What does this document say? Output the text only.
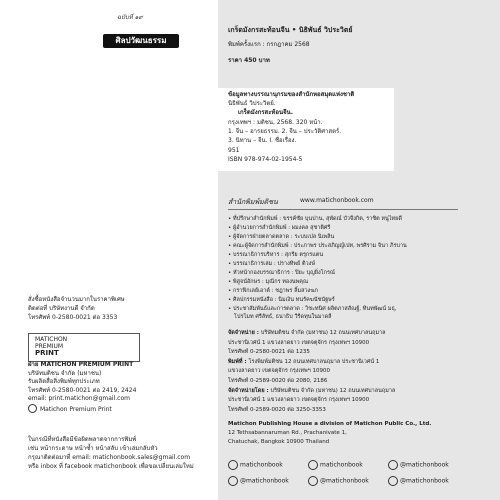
ฉบับที่ ๑๙
ศิลปวัฒนธรรม
สั่งซื้อหนังสือจำนวนมากในราคาพิเศษ
ติดต่อที่ บริษัทงานดี จำกัด
โทรศัพท์ 0-2580-0021 ต่อ 3353
MATICHON
PREMIUM
PRINT
ฝ่าย MATICHON PREMIUM PRINT
บริษัทมติชน จำกัด (มหาชน)
รับผลิตสื่อสิ่งพิมพ์ทุกประเภท
โทรศัพท์ 0-2580-0021 ต่อ 2419, 2424
email: print.matichon@gmail.com
Matichon Premium Print
ในกรณีที่หนังสือมีข้อผิดพลาดจากการพิมพ์
เช่น หน้ากระดาษ หน้าซ้ำ หน้าสลับ เข้าเล่มกลับหัว
กรุณาติดต่อมาที่ email: matichonbook.sales@gmail.com
หรือ inbox ที่ facebook matichonbook เพื่อขอเปลี่ยนเล่มใหม่
เกร็ดมังกรสะท้อนจีน • นิธิพันธ์ วิประวิตย์
พิมพ์ครั้งแรก : กรกฎาคม 2568
ราคา 450 บาท
ข้อมูลทางบรรณานุกรมของสำนักหอสมุดแห่งชาติ
นิธิพันธ์ วิประวิตย์.
เกร็ดมังกรสะท้อนจีน.
กรุงเทพฯ : มติชน, 2568. 320 หน้า.
1. จีน – อารยธรรม. 2. จีน – ประวัติศาสตร์.
3. นิทาน – จีน. I. ชื่อเรื่อง.
951
ISBN 978-974-02-1954-5
สำนักพิมพ์มติชน	www.matichonbook.com
• ที่ปรึกษาสำนักพิมพ์ : ขรรค์ชัย บุนปาน, สุพัดณ์ บัวจึงกิต, ราชิต หนูไทยดี
• ผู้อำนวยการสำนักพิมพ์ : ผมงคล สุชาติศรี
• ผู้จัดการฝ่ายตลาดตลาด : ระบบเปล นิเพลิน
• คณะผู้จัดการสำนักพิมพ์ : ประภาพร ประสภิญญ์เปท, พรศิราม จินา ภิรบาน
• บรรณาธิการบริหาร : สุกรีย ตรุกรแตน
• บรรณาธิการเล่ม : ปรางทิพย์ ติวงษ์
• หัวหน้ากองบรรณาธิการ : ปิยะ บุญยิ่งโกรณ์
• พิสูจน์อักษร : มุณีกร ทองนพคุณ
• กราฟิกเลย์เอาต์ : ชฎาพร ลิ้มสวงฆภ
• ศิลปกรรมหนังสือ : นิมเงิน ทนรัคฆนัชนัฐษร์
• ประชาสัมพันธ์และการตลาด : วิชะทนิศ ผลิตภาสสัณฐ์, ทินทพัฒน์ มธุ,
โปรโมท ศรีลัทธ์, ธนาธิบ วีรีดทุนในมาดลี
จัดจำหน่าย : บริษัทมติชน จำกัด (มหาชน) 12 ถนนเทศบาลนฤมาล
ประชานิเวศน์ 1 แขวงลาดยาว เขตจตุจักร กรุงเทพฯ 10900
โทรศัพท์ 0-2580-0021 ต่อ 1235
พิมพ์ที่ : โรงพิมพ์มติชน 12 ถนนเทศบาลนฤมาล ประชานิเวศน์ 1
แขวงลาดยาว เขตจตุจักร กรุงเทพฯ 10900
โทรศัพท์ 0-2589-0020 ต่อ 2080, 2186
จัดจำหน่ายโดย : บริษัทมติชน จำกัด (มหาชน) 12 ถนนเทศบาลนฤมาล
ประชานิเวศน์ 1 แขวงลาดยาว เขตจตุจักร กรุงเทพฯ 10900
โทรศัพท์ 0-2589-0020 ต่อ 3250-3353
Matichon Publishing House a division of Matichon Public Co., Ltd.
12 Tethsabannaruman Rd., Prachanivate 1,
Chatuchak, Bangkok 10900 Thailand
matichonbook	matichonbook	@matichonbook
@matichonbook	@matichonbook	@matichonbook
